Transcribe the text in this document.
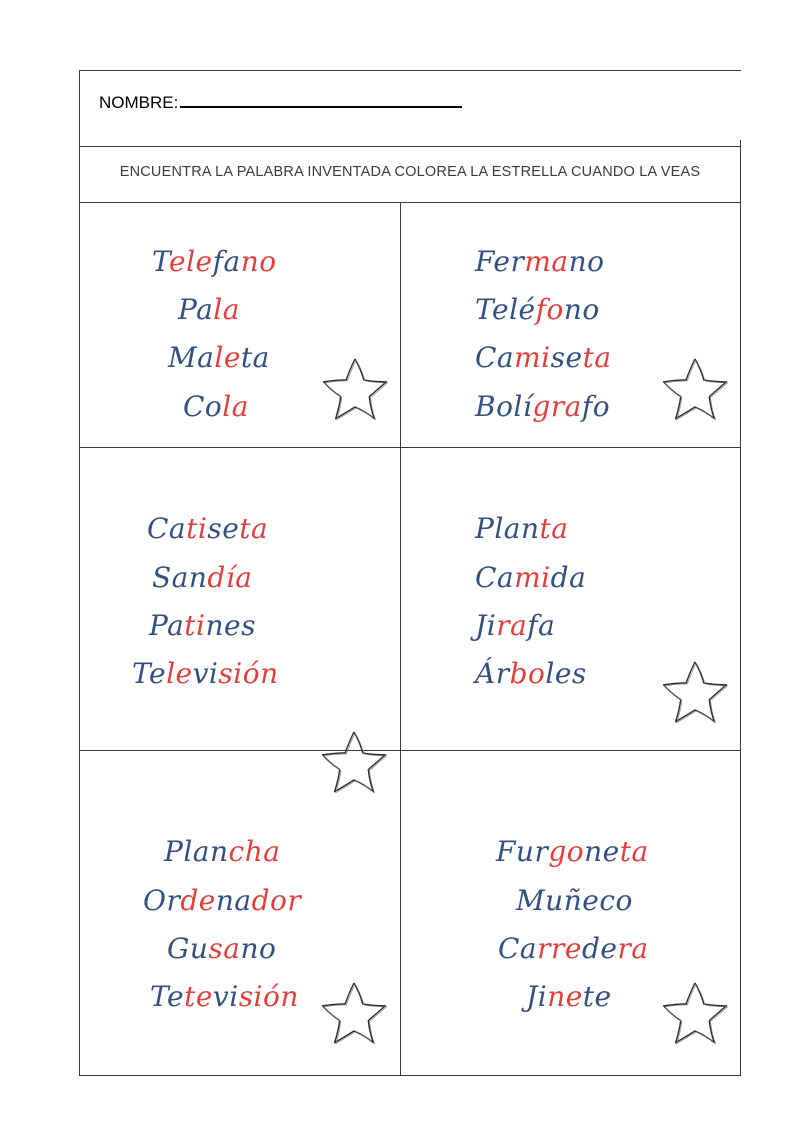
NOMBRE:
ENCUENTRA LA PALABRA INVENTADA COLOREA LA ESTRELLA CUANDO LA VEAS
Telefano
Pala
Maleta
Cola
Fermano
Teléfono
Camiseta
Bolígrafo
Catiseta
Sandía
Patines
Televisión
Planta
Camida
Jirafa
Árboles
Plancha
Ordenador
Gusano
Tetevisión
Furgoneta
Muñeco
Carredera
Jinete
